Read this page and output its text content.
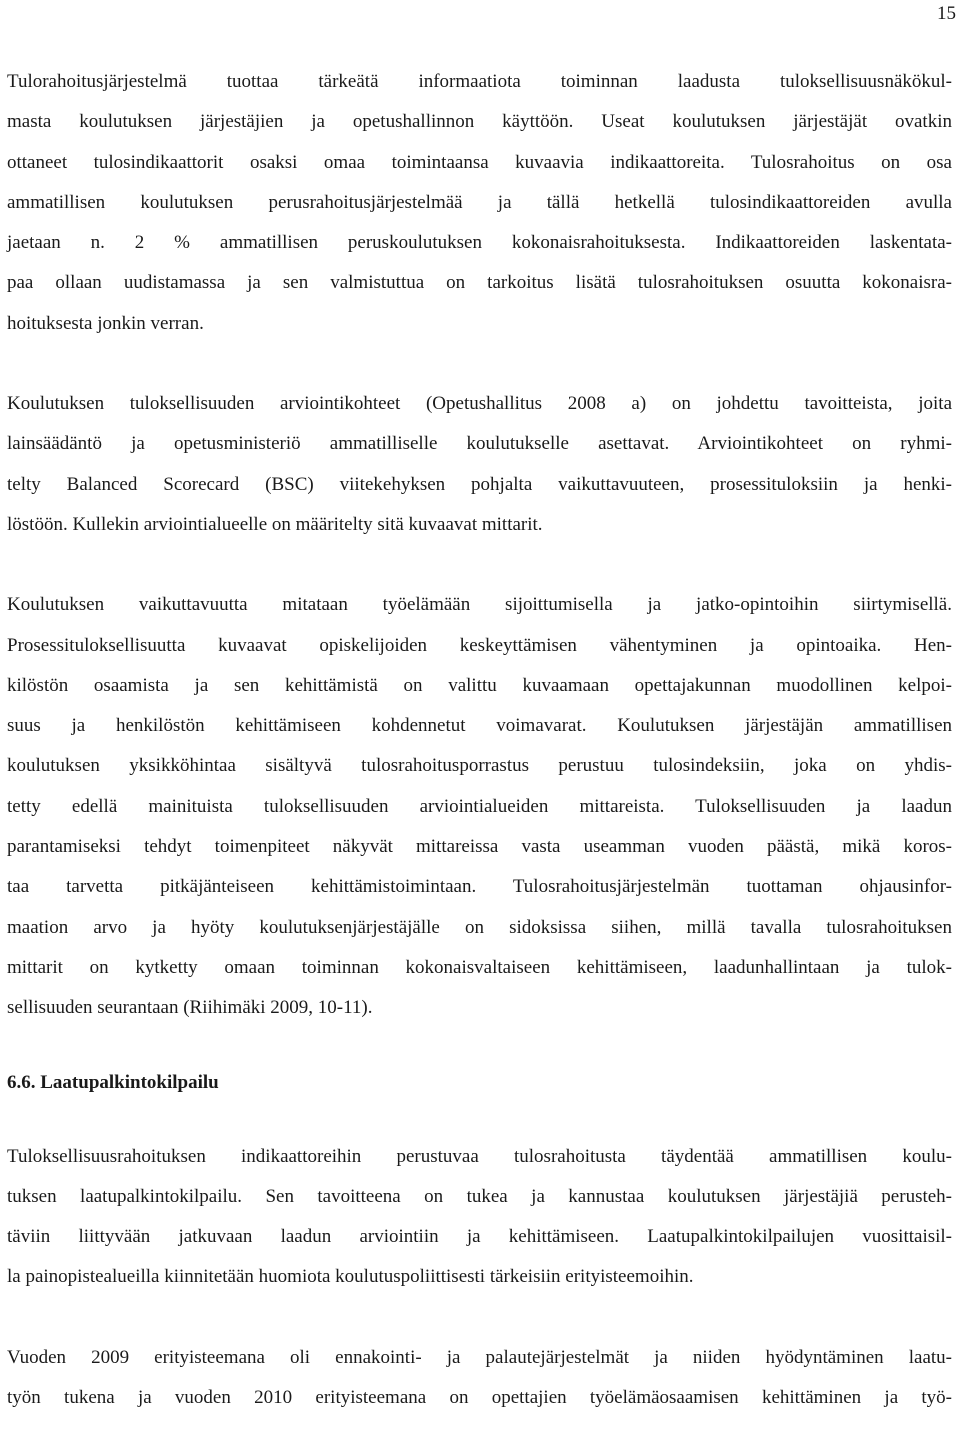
15

Tulorahoitusjärjestelmä tuottaa tärkeätä informaatiota toiminnan laadusta tuloksellisuusnäkökul-
masta koulutuksen järjestäjien ja opetushallinnon käyttöön. Useat koulutuksen järjestäjät ovatkin
ottaneet tulosindikaattorit osaksi omaa toimintaansa kuvaavia indikaattoreita. Tulosrahoitus on osa
ammatillisen koulutuksen perusrahoitusjärjestelmää ja tällä hetkellä tulosindikaattoreiden avulla
jaetaan n. 2 % ammatillisen peruskoulutuksen kokonaisrahoituksesta. Indikaattoreiden laskentata-
paa ollaan uudistamassa ja sen valmistuttua on tarkoitus lisätä tulosrahoituksen osuutta kokonaisra-
hoituksesta jonkin verran.

Koulutuksen tuloksellisuuden arviointikohteet (Opetushallitus 2008 a) on johdettu tavoitteista, joita
lainsäädäntö ja opetusministeriö ammatilliselle koulutukselle asettavat. Arviointikohteet on ryhmi-
telty Balanced Scorecard (BSC) viitekehyksen pohjalta vaikuttavuuteen, prosessituloksiin ja henki-
löstöön. Kullekin arviointialueelle on määritelty sitä kuvaavat mittarit.

Koulutuksen vaikuttavuutta mitataan työelämään sijoittumisella ja jatko-opintoihin siirtymisellä.
Prosessituloksellisuutta kuvaavat opiskelijoiden keskeyttämisen vähentyminen ja opintoaika. Hen-
kilöstön osaamista ja sen kehittämistä on valittu kuvaamaan opettajakunnan muodollinen kelpoi-
suus ja henkilöstön kehittämiseen kohdennetut voimavarat. Koulutuksen järjestäjän ammatillisen
koulutuksen yksikköhintaa sisältyvä tulosrahoitusporrastus perustuu tulosindeksiin, joka on yhdis-
tetty edellä mainituista tuloksellisuuden arviointialueiden mittareista. Tuloksellisuuden ja laadun
parantamiseksi tehdyt toimenpiteet näkyvät mittareissa vasta useamman vuoden päästä, mikä koros-
taa tarvetta pitkäjänteiseen kehittämistoimintaan. Tulosrahoitusjärjestelmän tuottaman ohjausinfor-
maation arvo ja hyöty koulutuksenjärjestäjälle on sidoksissa siihen, millä tavalla tulosrahoituksen
mittarit on kytketty omaan toiminnan kokonaisvaltaiseen kehittämiseen, laadunhallintaan ja tulok-
sellisuuden seurantaan (Riihimäki 2009, 10-11).

6.6. Laatupalkintokilpailu

Tuloksellisuusrahoituksen indikaattoreihin perustuvaa tulosrahoitusta täydentää ammatillisen koulu-
tuksen laatupalkintokilpailu. Sen tavoitteena on tukea ja kannustaa koulutuksen järjestäjiä perusteh-
täviin liittyvään jatkuvaan laadun arviointiin ja kehittämiseen. Laatupalkintokilpailujen vuosittaisil-
la painopistealueilla kiinnitetään huomiota koulutuspoliittisesti tärkeisiin erityisteemoihin.

Vuoden 2009 erityisteemana oli ennakointi- ja palautejärjestelmät ja niiden hyödyntäminen laatu-
työn tukena ja vuoden 2010 erityisteemana on opettajien työelämäosaamisen kehittäminen ja työ-
